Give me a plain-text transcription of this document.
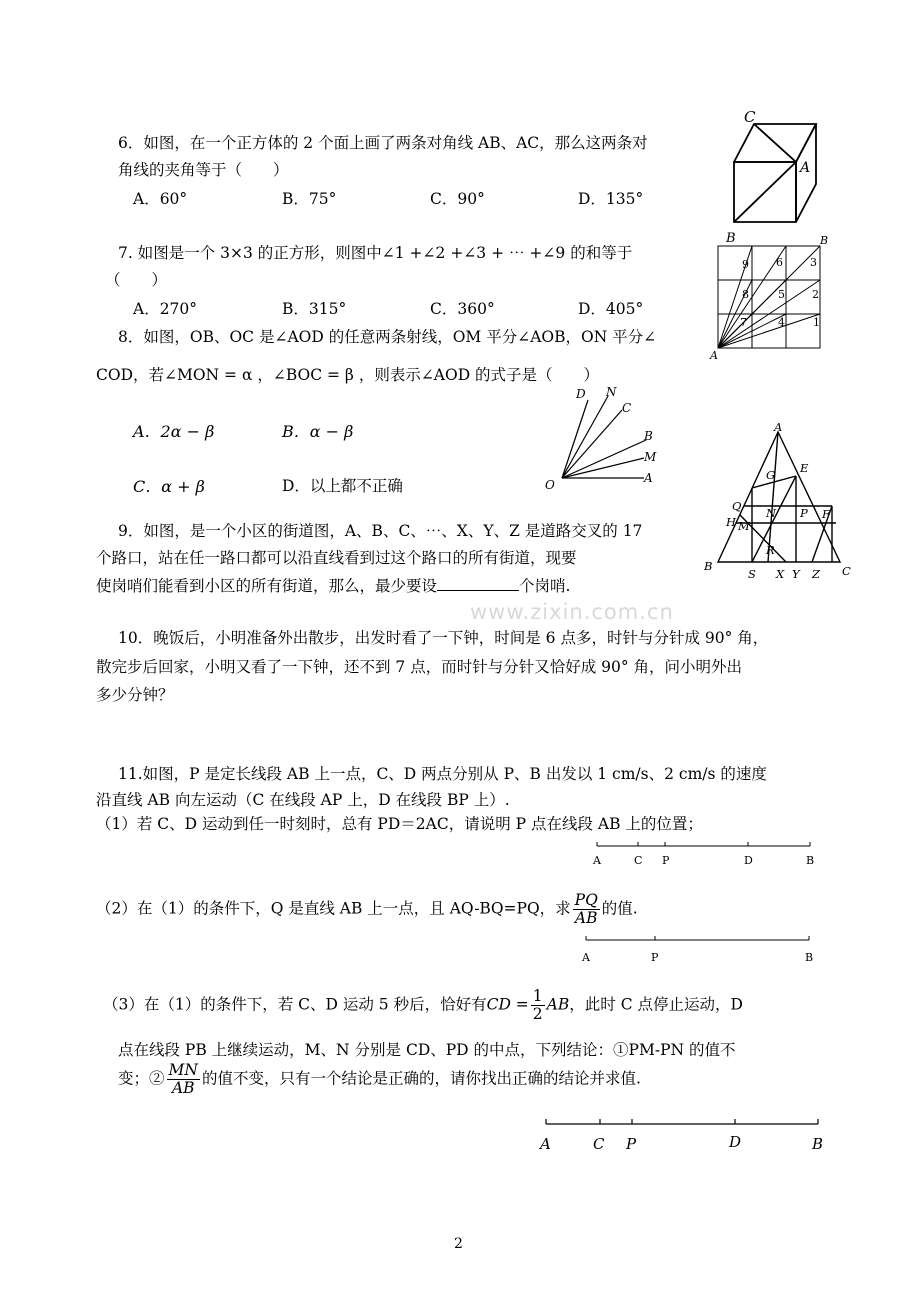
6．如图，在一个正方体的 2 个面上画了两条对角线 AB、AC，那么这两条对
角线的夹角等于（　　）
A．60°	B．75°	C．90°	D．135°
C
A
7. 如图是一个 3×3 的正方形，则图中∠1 +∠2 +∠3 + ⋯ +∠9 的和等于
（　　）
A．270°	B．315°	C．360°	D．405°
B	B
A
1
2
3
4
5
6
7
8
9
8．如图，OB、OC 是∠AOD 的任意两条射线，OM 平分∠AOB，ON 平分∠
COD，若∠MON = α ，∠BOC = β ，则表示∠AOD 的式子是（　　）
A．2α − β	B．α − β
C．α + β	D．以上都不正确
D N
C
B
M
A
O
9．如图，是一个小区的街道图，A、B、C、⋯、X、Y、Z 是道路交叉的 17
个路口，站在任一路口都可以沿直线看到过这个路口的所有街道，现要
使岗哨们能看到小区的所有街道，那么，最少要设	个岗哨.
A
G E
Q
H M
N P F
R
B
S X Y Z C
www.zixin.com.cn
10．晚饭后，小明准备外出散步，出发时看了一下钟，时间是 6 点多，时针与分针成 90° 角，
散完步后回家，小明又看了一下钟，还不到 7 点，而时针与分针又恰好成 90° 角，问小明外出
多少分钟？
11.如图，P 是定长线段 AB 上一点，C、D 两点分别从 P、B 出发以 1 cm/s、2 cm/s 的速度
沿直线 AB 向左运动（C 在线段 AP 上，D 在线段 BP 上）.
（1）若 C、D 运动到任一时刻时，总有 PD＝2AC，请说明 P 点在线段 AB 上的位置；
A	C P	D	B
（2）在（1）的条件下，Q 是直线 AB 上一点，且 AQ-BQ=PQ，求 $\frac{PQ}{AB}$ 的值.
A	P	B
（3）在（1）的条件下，若 C、D 运动 5 秒后，恰好有CD = $\frac{1}{2}$ AB，此时 C 点停止运动，D
点在线段 PB 上继续运动，M、N 分别是 CD、PD 的中点，下列结论：①PM-PN 的值不
变；② $\frac{MN}{AB}$ 的值不变，只有一个结论是正确的，请你找出正确的结论并求值.
A	C P	D	B
2
